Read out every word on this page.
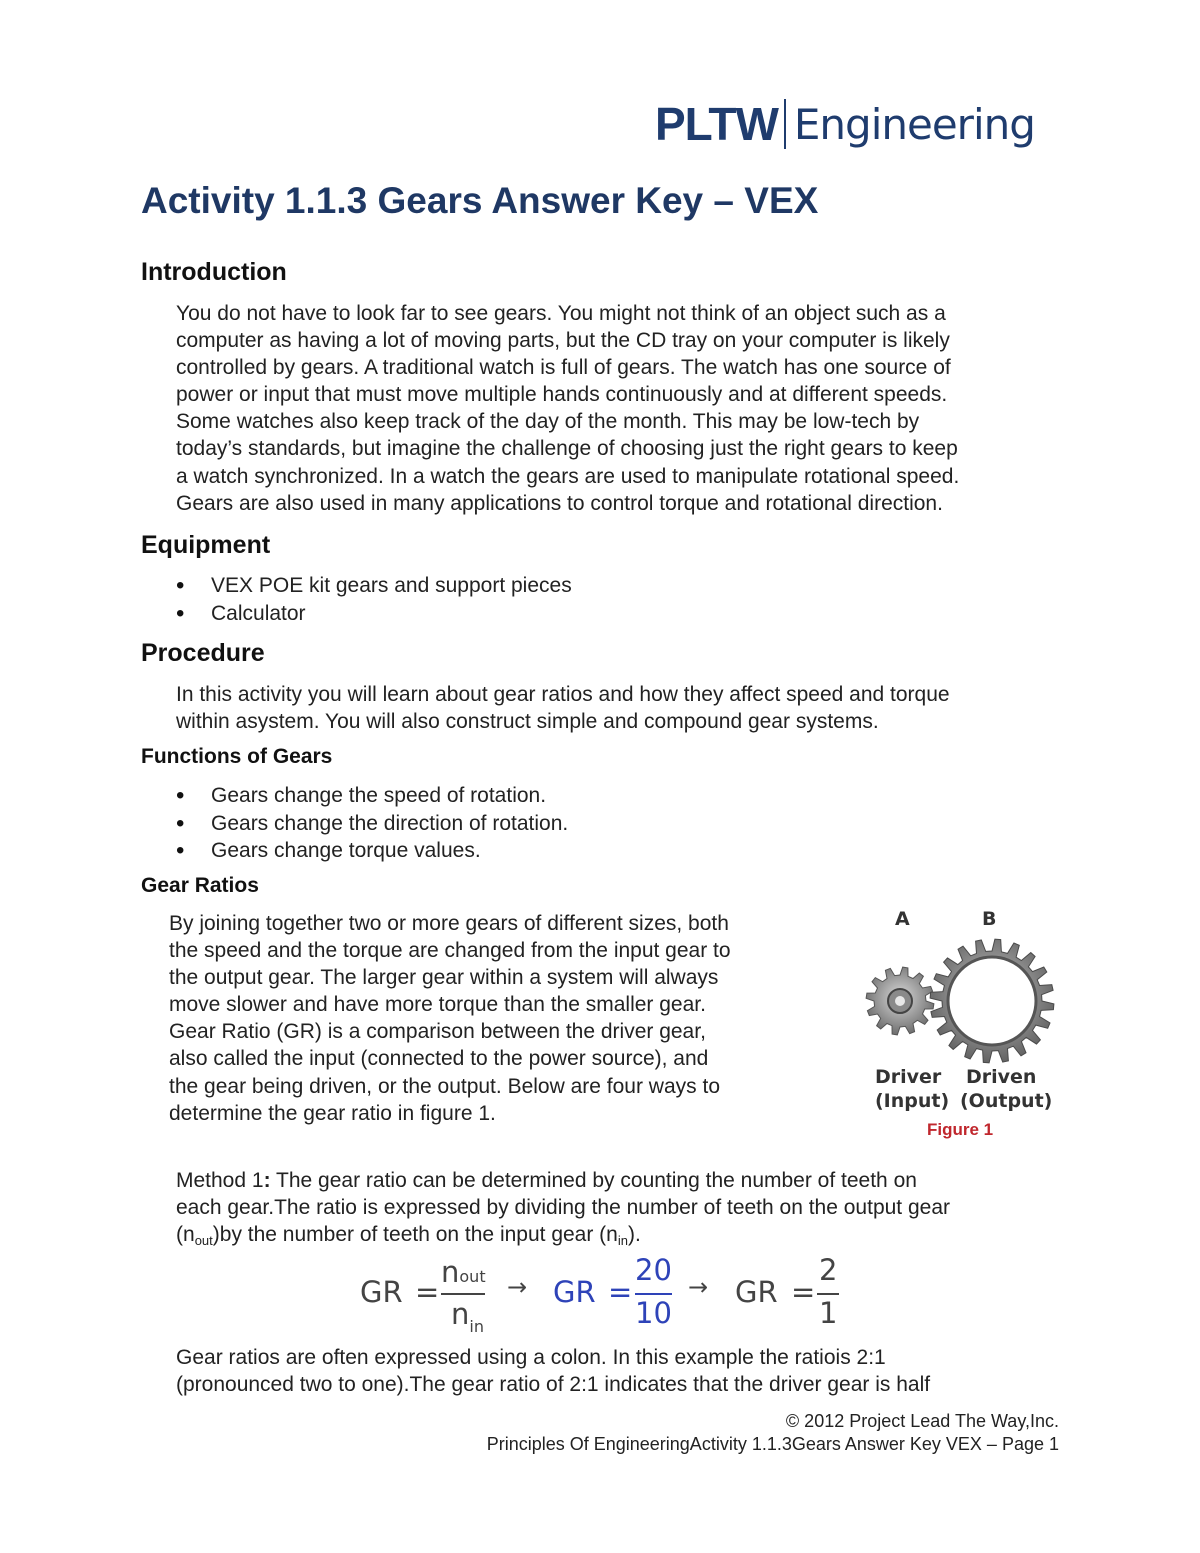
PLTW Engineering
Activity 1.1.3 Gears Answer Key – VEX
Introduction
You do not have to look far to see gears. You might not think of an object such as a
computer as having a lot of moving parts, but the CD tray on your computer is likely
controlled by gears. A traditional watch is full of gears. The watch has one source of
power or input that must move multiple hands continuously and at different speeds.
Some watches also keep track of the day of the month. This may be low-tech by
today’s standards, but imagine the challenge of choosing just the right gears to keep
a watch synchronized. In a watch the gears are used to manipulate rotational speed.
Gears are also used in many applications to control torque and rotational direction.
Equipment
• VEX POE kit gears and support pieces
• Calculator
Procedure
In this activity you will learn about gear ratios and how they affect speed and torque
within asystem. You will also construct simple and compound gear systems.
Functions of Gears
• Gears change the speed of rotation.
• Gears change the direction of rotation.
• Gears change torque values.
Gear Ratios
By joining together two or more gears of different sizes, both
the speed and the torque are changed from the input gear to
the output gear. The larger gear within a system will always
move slower and have more torque than the smaller gear.
Gear Ratio (GR) is a comparison between the driver gear,
also called the input (connected to the power source), and
the gear being driven, or the output. Below are four ways to
determine the gear ratio in figure 1.
A	B
Driver
(Input)
Driven
(Output)
Figure 1
Method 1: The gear ratio can be determined by counting the number of teeth on
each gear.The ratio is expressed by dividing the number of teeth on the output gear
$(n_{out})by$ the number of teeth on the input gear $(n_{in})$.
GR =
nout
$n_{in}$
→ GR =
20
10
→ GR =
2
1
Gear ratios are often expressed using a colon. In this example the ratiois 2:1
(pronounced two to one).The gear ratio of 2:1 indicates that the driver gear is half
© 2012 Project Lead The Way,Inc.
Principles Of EngineeringActivity 1.1.3Gears Answer Key VEX – Page 1
